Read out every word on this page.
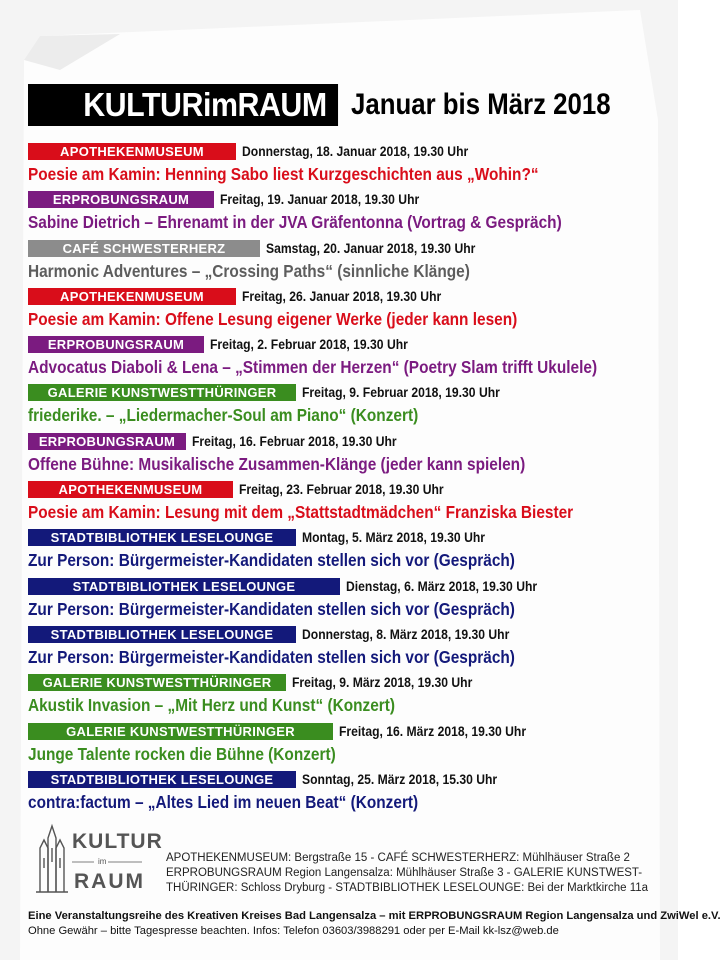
KULTURimRAUM Januar bis März 2018
APOTHEKENMUSEUM	Donnerstag, 18. Januar 2018, 19.30 Uhr
Poesie am Kamin: Henning Sabo liest Kurzgeschichten aus „Wohin?“
ERPROBUNGSRAUM	Freitag, 19. Januar 2018, 19.30 Uhr
Sabine Dietrich – Ehrenamt in der JVA Gräfentonna (Vortrag & Gespräch)
CAFÉ SCHWESTERHERZ	Samstag, 20. Januar 2018, 19.30 Uhr
Harmonic Adventures – „Crossing Paths“ (sinnliche Klänge)
APOTHEKENMUSEUM	Freitag, 26. Januar 2018, 19.30 Uhr
Poesie am Kamin: Offene Lesung eigener Werke (jeder kann lesen)
ERPROBUNGSRAUM	Freitag, 2. Februar 2018, 19.30 Uhr
Advocatus Diaboli & Lena – „Stimmen der Herzen“ (Poetry Slam trifft Ukulele)
GALERIE KUNSTWESTTHÜRINGER	Freitag, 9. Februar 2018, 19.30 Uhr
friederike. – „Liedermacher-Soul am Piano“ (Konzert)
ERPROBUNGSRAUM	Freitag, 16. Februar 2018, 19.30 Uhr
Offene Bühne: Musikalische Zusammen-Klänge (jeder kann spielen)
APOTHEKENMUSEUM	Freitag, 23. Februar 2018, 19.30 Uhr
Poesie am Kamin: Lesung mit dem „Stattstadtmädchen“ Franziska Biester
STADTBIBLIOTHEK LESELOUNGE	Montag, 5. März 2018, 19.30 Uhr
Zur Person: Bürgermeister-Kandidaten stellen sich vor (Gespräch)
STADTBIBLIOTHEK LESELOUNGE	Dienstag, 6. März 2018, 19.30 Uhr
Zur Person: Bürgermeister-Kandidaten stellen sich vor (Gespräch)
STADTBIBLIOTHEK LESELOUNGE	Donnerstag, 8. März 2018, 19.30 Uhr
Zur Person: Bürgermeister-Kandidaten stellen sich vor (Gespräch)
GALERIE KUNSTWESTTHÜRINGER	Freitag, 9. März 2018, 19.30 Uhr
Akustik Invasion – „Mit Herz und Kunst“ (Konzert)
GALERIE KUNSTWESTTHÜRINGER	Freitag, 16. März 2018, 19.30 Uhr
Junge Talente rocken die Bühne (Konzert)
STADTBIBLIOTHEK LESELOUNGE	Sonntag, 25. März 2018, 15.30 Uhr
contra:factum – „Altes Lied im neuen Beat“ (Konzert)
KULTUR
im
RAUM
APOTHEKENMUSEUM: Bergstraße 15 - CAFÉ SCHWESTERHERZ: Mühlhäuser Straße 2
ERPROBUNGSRAUM Region Langensalza: Mühlhäuser Straße 3 - GALERIE KUNSTWEST-
THÜRINGER: Schloss Dryburg - STADTBIBLIOTHEK LESELOUNGE: Bei der Marktkirche 11a
Eine Veranstaltungsreihe des Kreativen Kreises Bad Langensalza – mit ERPROBUNGSRAUM Region Langensalza und ZwiWel e.V.
Ohne Gewähr – bitte Tagespresse beachten. Infos: Telefon 03603/3988291 oder per E-Mail kk-lsz@web.de
